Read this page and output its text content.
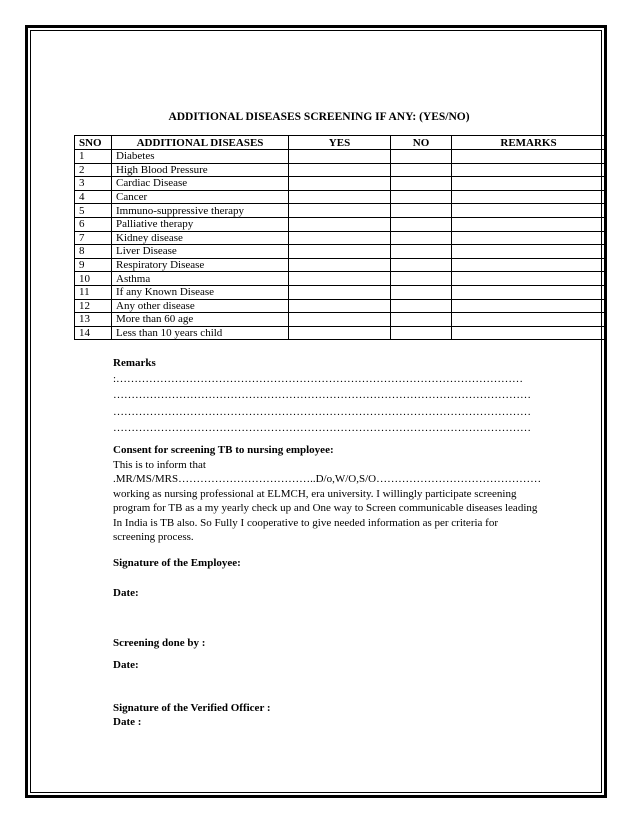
ADDITIONAL DISEASES SCREENING IF ANY: (YES/NO)
SNO	ADDITIONAL DISEASES	YES	NO	REMARKS
1	Diabetes			
2	High Blood Pressure			
3	Cardiac Disease			
4	Cancer			
5	Immuno-suppressive therapy			
6	Palliative therapy			
7	Kidney disease			
8	Liver Disease			
9	Respiratory Disease			
10	Asthma			
11	If any Known Disease			
12	Any other disease			
13	More than 60 age			
14	Less than 10 years child			
Remarks
:…………………………………………………………………………………………………
……………………………………………………………………………………………………
……………………………………………………………………………………………………
……………………………………………………………………………………………………
Consent for screening TB to nursing employee:
This is to inform that
.MR/MS/MRS………………………………..D/o,W/O,S/O………………………………………
working as nursing professional at ELMCH, era university. I willingly participate screening
program for TB as a my yearly check up and One way to Screen communicable diseases leading
In India is TB also. So Fully I cooperative to give needed information as per criteria for
screening process.
Signature of the Employee:
Date:
Screening done by :
Date:
Signature of the Verified Officer :
Date :
